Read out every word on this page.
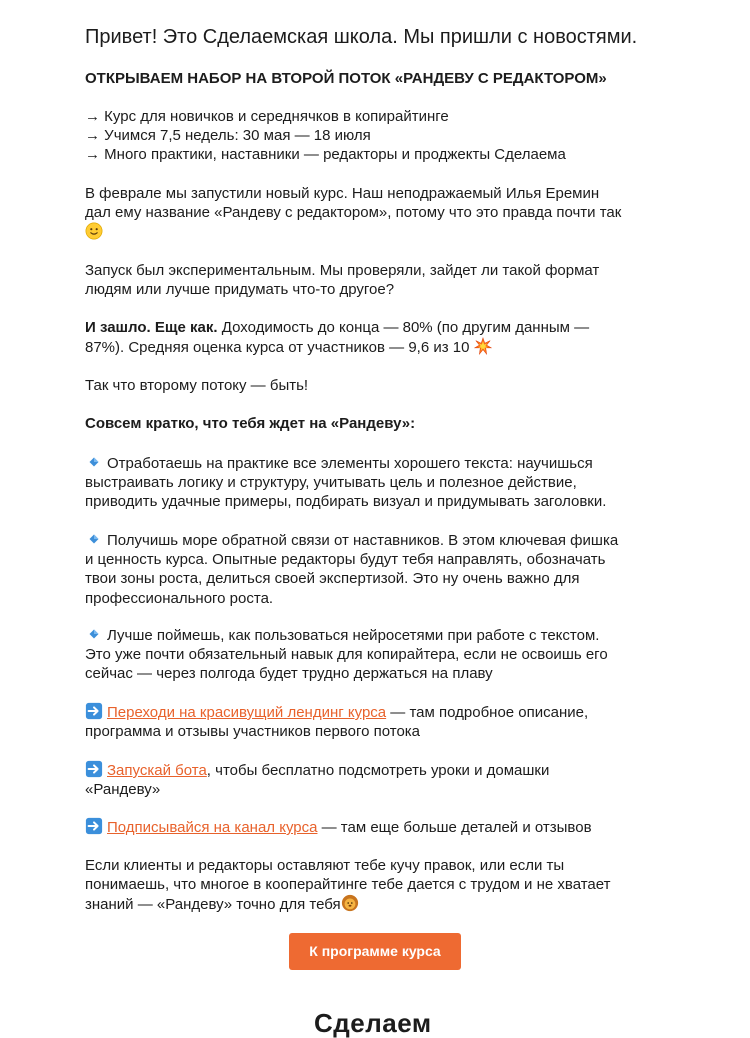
Привет! Это Сделаемская школа. Мы пришли с новостями.
ОТКРЫВАЕМ НАБОР НА ВТОРОЙ ПОТОК «РАНДЕВУ С РЕДАКТОРОМ»
→ Курс для новичков и середнячков в копирайтинге
→ Учимся 7,5 недель: 30 мая — 18 июля
→ Много практики, наставники — редакторы и проджекты Сделаема
В феврале мы запустили новый курс. Наш неподражаемый Илья Еремин
дал ему название «Рандеву с редактором», потому что это правда почти так
Запуск был экспериментальным. Мы проверяли, зайдет ли такой формат
людям или лучше придумать что-то другое?
И зашло. Еще как. Доходимость до конца — 80% (по другим данным —
87%). Средняя оценка курса от участников — 9,6 из 10
Так что второму потоку — быть!
Совсем кратко, что тебя ждет на «Рандеву»:
Отработаешь на практике все элементы хорошего текста: научишься
выстраивать логику и структуру, учитывать цель и полезное действие,
приводить удачные примеры, подбирать визуал и придумывать заголовки.
Получишь море обратной связи от наставников. В этом ключевая фишка
и ценность курса. Опытные редакторы будут тебя направлять, обозначать
твои зоны роста, делиться своей экспертизой. Это ну очень важно для
профессионального роста.
Лучше поймешь, как пользоваться нейросетями при работе с текстом.
Это уже почти обязательный навык для копирайтера, если не освоишь его
сейчас — через полгода будет трудно держаться на плаву
Переходи на красивущий лендинг курса — там подробное описание,
программа и отзывы участников первого потока
Запускай бота, чтобы бесплатно подсмотреть уроки и домашки
«Рандеву»
Подписывайся на канал курса — там еще больше деталей и отзывов
Если клиенты и редакторы оставляют тебе кучу правок, или если ты
понимаешь, что многое в кооперайтинге тебе дается с трудом и не хватает
знаний — «Рандеву» точно для тебя
К программе курса
Сделаем
